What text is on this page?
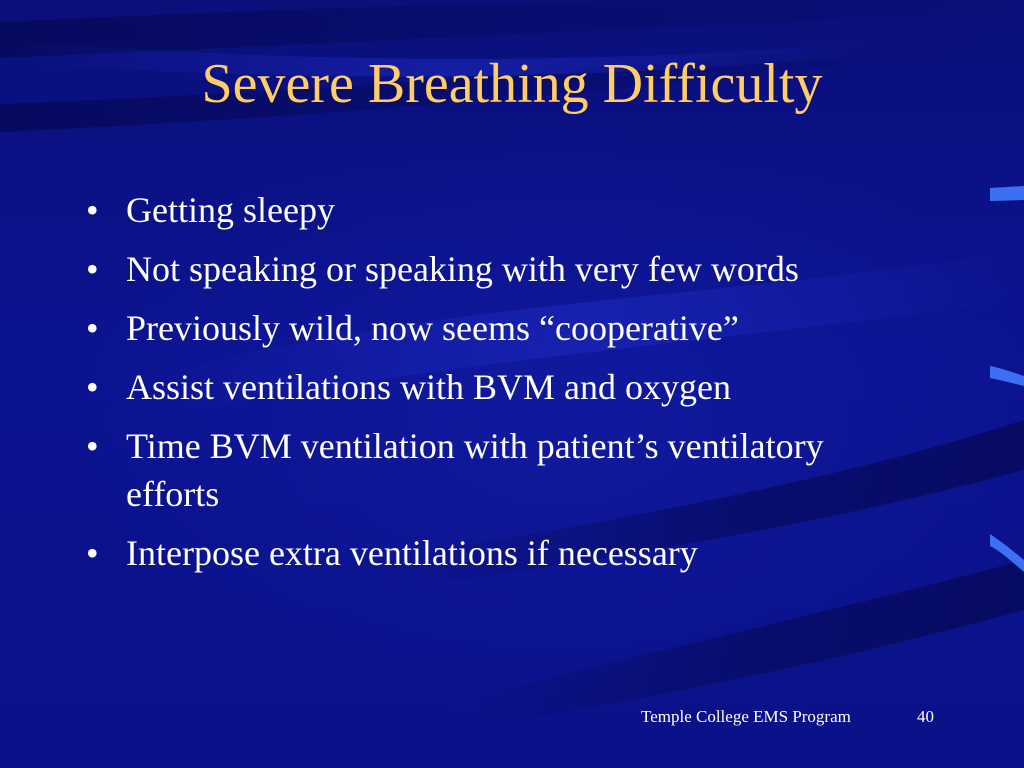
Severe Breathing Difficulty
• Getting sleepy
• Not speaking or speaking with very few words
• Previously wild, now seems “cooperative”
• Assist ventilations with BVM and oxygen
• Time BVM ventilation with patient’s ventilatory efforts
• Interpose extra ventilations if necessary
Temple College EMS Program	40
